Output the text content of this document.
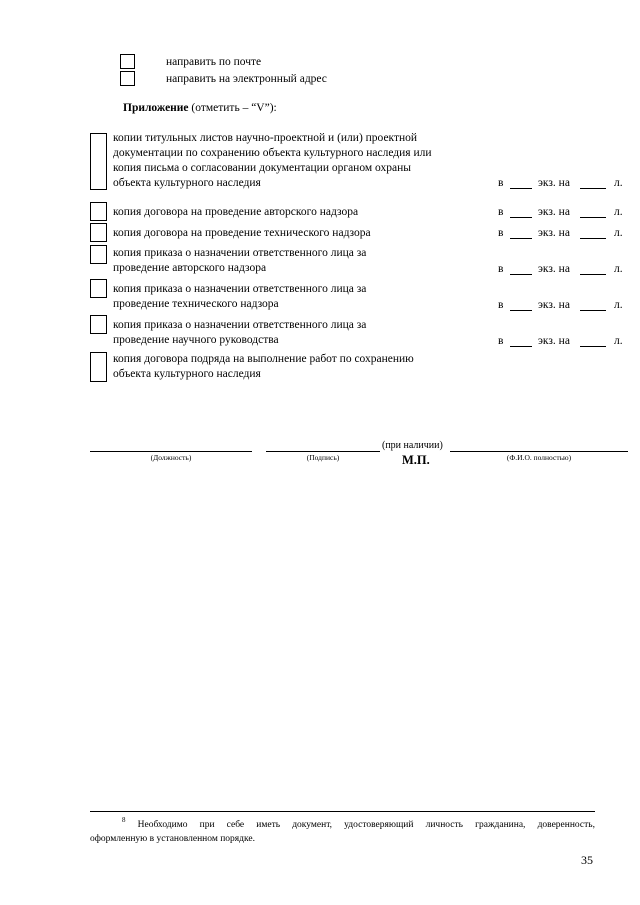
направить по почте
направить на электронный адрес
Приложение (отметить – “V”):
копии титульных листов научно-проектной и (или) проектной
документации по сохранению объекта культурного наследия или
копия письма о согласовании документации органом охраны
объекта культурного наследия	в	экз. на	л.
копия договора на проведение авторского надзора	в	экз. на	л.
копия договора на проведение технического надзора	в	экз. на	л.
копия приказа о назначении ответственного лица за
проведение авторского надзора	в	экз. на	л.
копия приказа о назначении ответственного лица за
проведение технического надзора	в	экз. на	л.
копия приказа о назначении ответственного лица за
проведение научного руководства	в	экз. на	л.
копия договора подряда на выполнение работ по сохранению
объекта культурного наследия
(при наличии)
(Должность)	(Подпись)	(Ф.И.О. полностью)
М.П.
$^8$ Необходимо при себе иметь документ, удостоверяющий личность гражданина, доверенность,
оформленную в установленном порядке.
35
